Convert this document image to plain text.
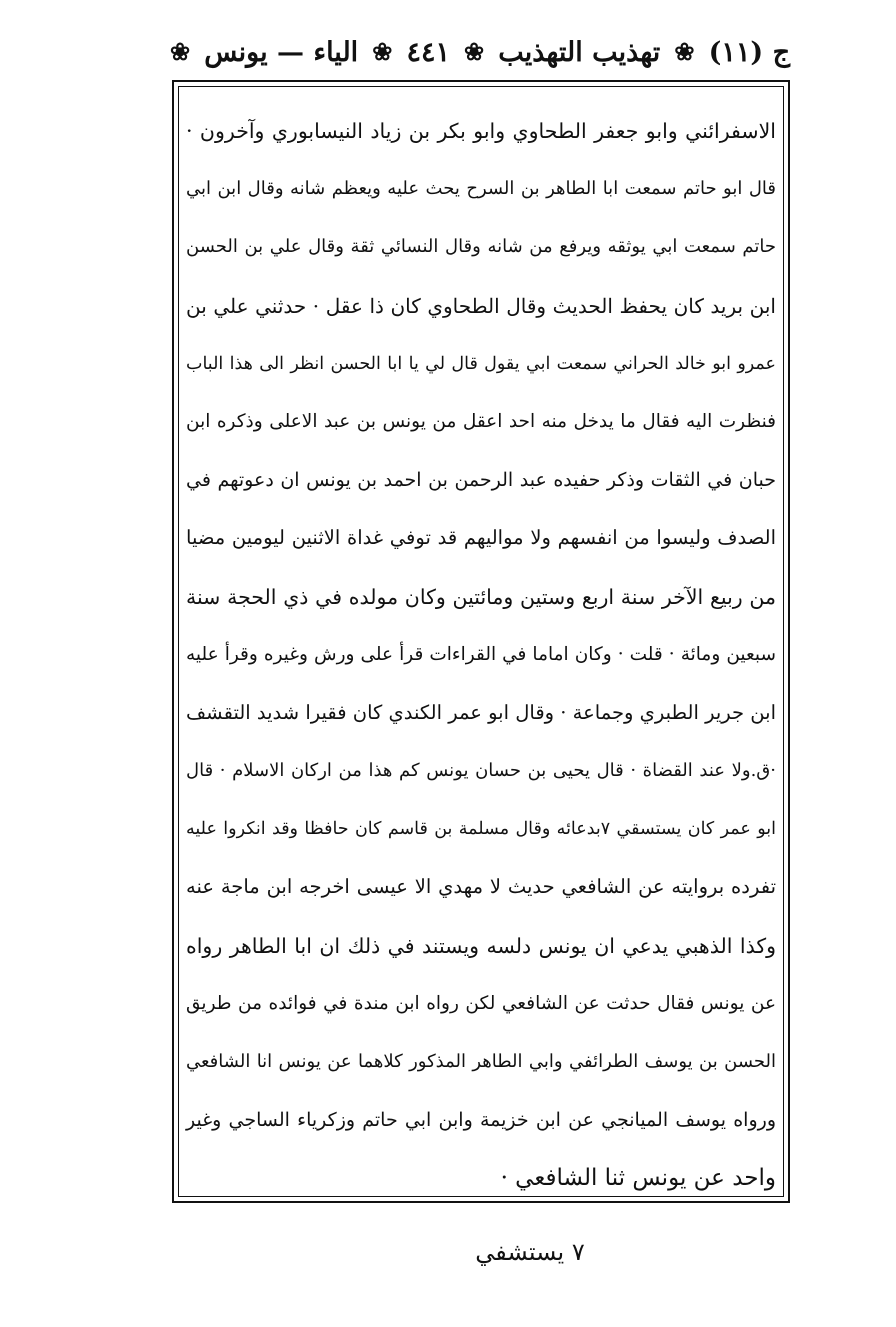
ج (١١)
❀
تهذيب التهذيب
❀
٤٤١
❀
الياء — يونس
❀
الاسفرائني وابو جعفر الطحاوي وابو بكر بن زياد النيسابوري وآخرون ·
قال ابو حاتم سمعت ابا الطاهر بن السرح يحث عليه ويعظم شانه وقال ابن ابي
حاتم سمعت ابي يوثقه ويرفع من شانه وقال النسائي ثقة وقال علي بن الحسن
ابن بريد كان يحفظ الحديث وقال الطحاوي كان ذا عقل · حدثني علي بن
عمرو ابو خالد الحراني سمعت ابي يقول قال لي يا ابا الحسن انظر الى هذا الباب
فنظرت اليه فقال ما يدخل منه احد اعقل من يونس بن عبد الاعلى وذكره ابن
حبان في الثقات وذكر حفيده عبد الرحمن بن احمد بن يونس ان دعوتهم في
الصدف وليسوا من انفسهم ولا مواليهم قد توفي غداة الاثنين ليومين مضيا
من ربيع الآخر سنة اربع وستين ومائتين وكان مولده في ذي الحجة سنة
سبعين ومائة · قلت · وكان اماما في القراءات قرأ على ورش وغيره وقرأ عليه
ابن جرير الطبري وجماعة · وقال ابو عمر الكندي كان فقيرا شديد التقشف
·ق.ولا عند القضاة · قال يحيى بن حسان يونس كم هذا من اركان الاسلام · قال
ابو عمر كان يستسقي ٧بدعائه وقال مسلمة بن قاسم كان حافظا وقد انكروا عليه
تفرده بروايته عن الشافعي حديث لا مهدي الا عيسى اخرجه ابن ماجة عنه
وكذا الذهبي يدعي ان يونس دلسه ويستند في ذلك ان ابا الطاهر رواه
عن يونس فقال حدثت عن الشافعي لكن رواه ابن مندة في فوائده من طريق
الحسن بن يوسف الطرائفي وابي الطاهر المذكور كلاهما عن يونس انا الشافعي
ورواه يوسف الميانجي عن ابن خزيمة وابن ابي حاتم وزكرياء الساجي وغير
واحد عن يونس ثنا الشافعي ·
٧ يستشفي
